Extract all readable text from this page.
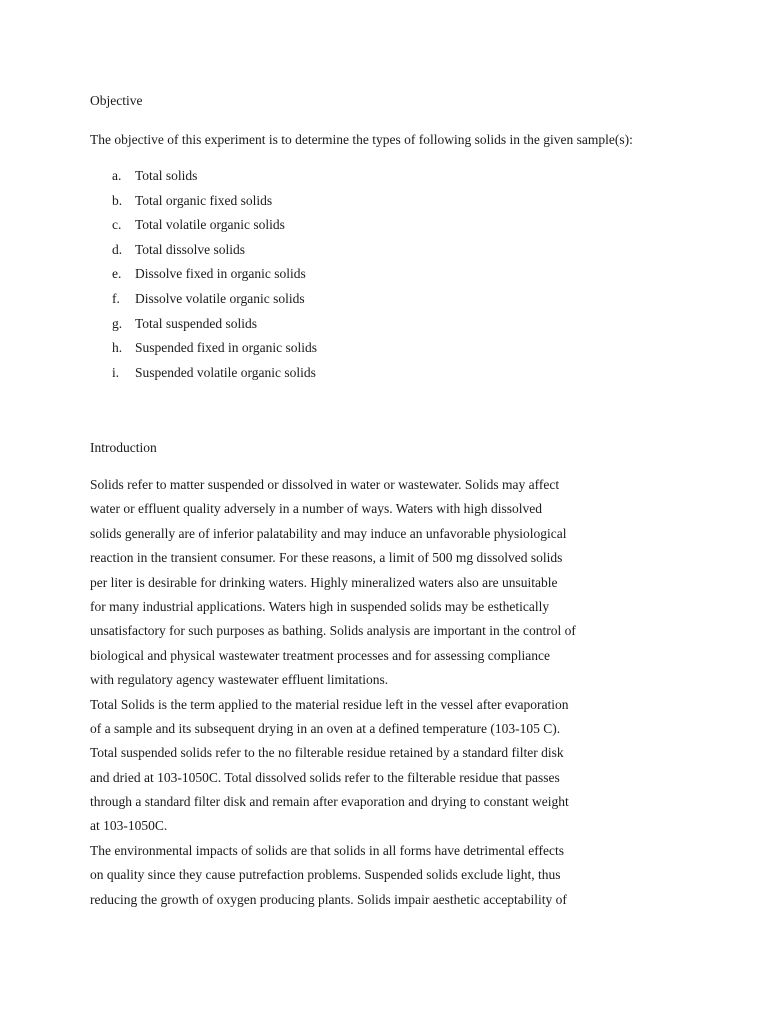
Objective

The objective of this experiment is to determine the types of following solids in the given sample(s):

a. Total solids
b. Total organic fixed solids
c. Total volatile organic solids
d. Total dissolve solids
e. Dissolve fixed in organic solids
f. Dissolve volatile organic solids
g. Total suspended solids
h. Suspended fixed in organic solids
i. Suspended volatile organic solids
Introduction
Solids refer to matter suspended or dissolved in water or wastewater. Solids may affect
water or effluent quality adversely in a number of ways. Waters with high dissolved
solids generally are of inferior palatability and may induce an unfavorable physiological
reaction in the transient consumer. For these reasons, a limit of 500 mg dissolved solids
per liter is desirable for drinking waters. Highly mineralized waters also are unsuitable
for many industrial applications. Waters high in suspended solids may be esthetically
unsatisfactory for such purposes as bathing. Solids analysis are important in the control of
biological and physical wastewater treatment processes and for assessing compliance
with regulatory agency wastewater effluent limitations.
Total Solids is the term applied to the material residue left in the vessel after evaporation
of a sample and its subsequent drying in an oven at a defined temperature (103-105 C).
Total suspended solids refer to the no filterable residue retained by a standard filter disk
and dried at 103-1050C. Total dissolved solids refer to the filterable residue that passes
through a standard filter disk and remain after evaporation and drying to constant weight
at 103-1050C.
The environmental impacts of solids are that solids in all forms have detrimental effects
on quality since they cause putrefaction problems. Suspended solids exclude light, thus
reducing the growth of oxygen producing plants. Solids impair aesthetic acceptability of
